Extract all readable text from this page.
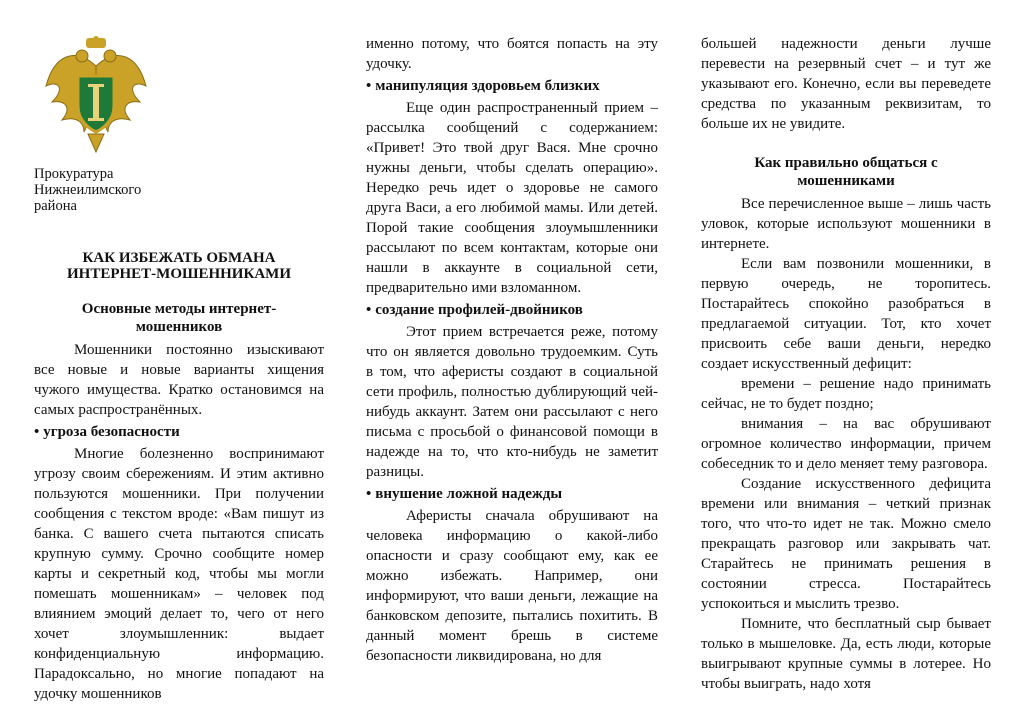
Прокуратура
Нижнеилимского
района
КАК ИЗБЕЖАТЬ ОБМАНА
ИНТЕРНЕТ-МОШЕННИКАМИ
Основные методы интернет-
мошенников

Мошенники постоянно изыскивают все новые и новые варианты хищения чужого имущества. Кратко остановимся на самых распространённых.

• угроза безопасности

Многие болезненно воспринимают угрозу своим сбережениям. И этим активно пользуются мошенники. При получении сообщения с текстом вроде: «Вам пишут из банка. С вашего счета пытаются списать крупную сумму. Срочно сообщите номер карты и секретный код, чтобы мы могли помешать мошенникам» – человек под влиянием эмоций делает то, чего от него хочет злоумышленник: выдает конфиденциальную информацию. Парадоксально, но многие попадают на удочку мошенников

именно потому, что боятся попасть на эту удочку.

• манипуляция здоровьем близких

Еще один распространенный прием – рассылка сообщений с содержанием: «Привет! Это твой друг Вася. Мне срочно нужны деньги, чтобы сделать операцию». Нередко речь идет о здоровье не самого друга Васи, а его любимой мамы. Или детей. Порой такие сообщения злоумышленники рассылают по всем контактам, которые они нашли в аккаунте в социальной сети, предварительно ими взломанном.

• создание профилей-двойников

Этот прием встречается реже, потому что он является довольно трудоемким. Суть в том, что аферисты создают в социальной сети профиль, полностью дублирующий чей-нибудь аккаунт. Затем они рассылают с него письма с просьбой о финансовой помощи в надежде на то, что кто-нибудь не заметит разницы.

• внушение ложной надежды

Аферисты сначала обрушивают на человека информацию о какой-либо опасности и сразу сообщают ему, как ее можно избежать. Например, они информируют, что ваши деньги, лежащие на банковском депозите, пытались похитить. В данный момент брешь в системе безопасности ликвидирована, но для

большей надежности деньги лучше перевести на резервный счет – и тут же указывают его. Конечно, если вы переведете средства по указанным реквизитам, то больше их не увидите.

Как правильно общаться с
мошенниками

Все перечисленное выше – лишь часть уловок, которые используют мошенники в интернете.

Если вам позвонили мошенники, в первую очередь, не торопитесь. Постарайтесь спокойно разобраться в предлагаемой ситуации. Тот, кто хочет присвоить себе ваши деньги, нередко создает искусственный дефицит:

времени – решение надо принимать сейчас, не то будет поздно;

внимания – на вас обрушивают огромное количество информации, причем собеседник то и дело меняет тему разговора.

Создание искусственного дефицита времени или внимания – четкий признак того, что что-то идет не так. Можно смело прекращать разговор или закрывать чат. Старайтесь не принимать решения в состоянии стресса. Постарайтесь успокоиться и мыслить трезво.

Помните, что бесплатный сыр бывает только в мышеловке. Да, есть люди, которые выигрывают крупные суммы в лотерее. Но чтобы выиграть, надо хотя
